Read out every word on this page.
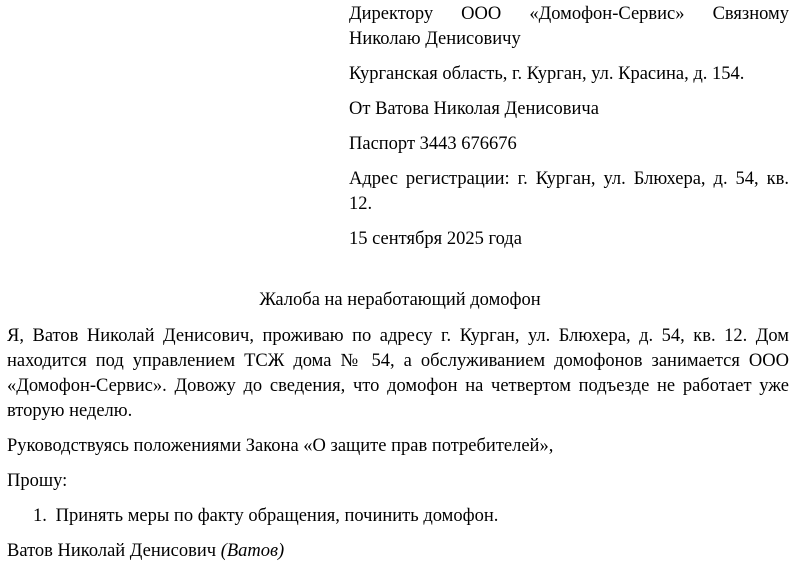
Директору ООО «Домофон-Сервис» Связному Николаю Денисовичу

Курганская область, г. Курган, ул. Красина, д. 154.

От Ватова Николая Денисовича

Паспорт 3443 676676

Адрес регистрации: г. Курган, ул. Блюхера, д. 54, кв. 12.

15 сентября 2025 года

Жалоба на неработающий домофон

Я, Ватов Николай Денисович, проживаю по адресу г. Курган, ул. Блюхера, д. 54, кв. 12. Дом находится под управлением ТСЖ дома № 54, а обслуживанием домофонов занимается ООО «Домофон-Сервис». Довожу до сведения, что домофон на четвертом подъезде не работает уже вторую неделю.

Руководствуясь положениями Закона «О защите прав потребителей»,

Прошу:

1. Принять меры по факту обращения, починить домофон.

Ватов Николай Денисович (Ватов)
